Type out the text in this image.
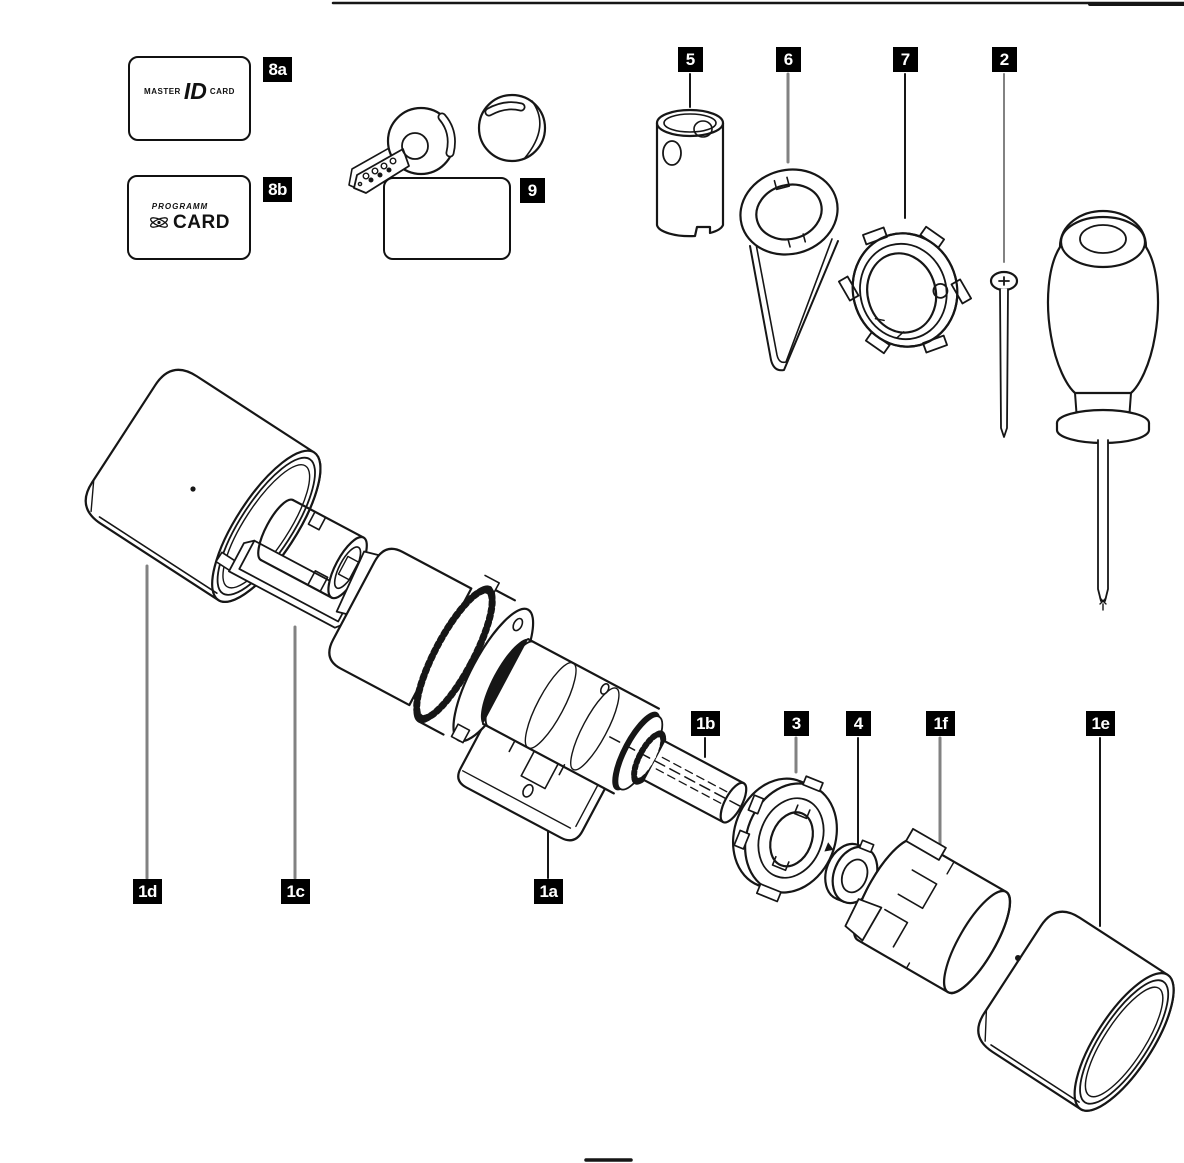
MASTER ID CARD
PROGRAMM
CARD
8a
8b	9
5	6	7	2
1b	3	4	1f	1e
1d	1c	1a
